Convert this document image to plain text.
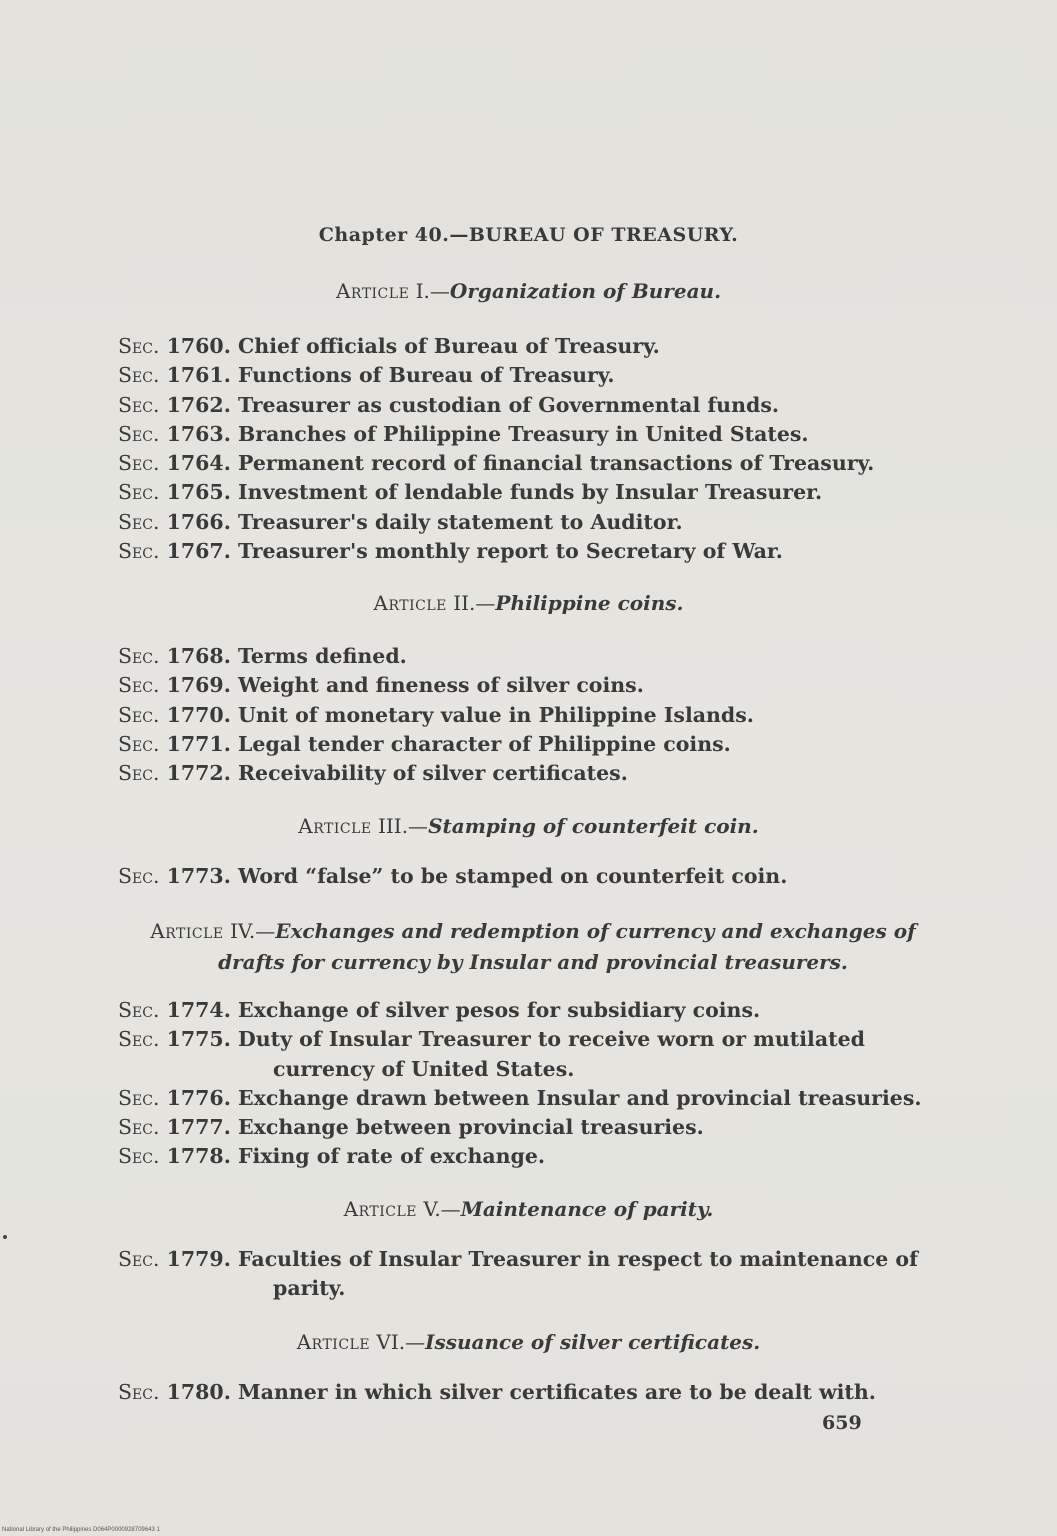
Chapter 40.—BUREAU OF TREASURY.
Article I.—Organization of Bureau.
Sec. 1760. Chief officials of Bureau of Treasury.
Sec. 1761. Functions of Bureau of Treasury.
Sec. 1762. Treasurer as custodian of Governmental funds.
Sec. 1763. Branches of Philippine Treasury in United States.
Sec. 1764. Permanent record of financial transactions of Treasury.
Sec. 1765. Investment of lendable funds by Insular Treasurer.
Sec. 1766. Treasurer's daily statement to Auditor.
Sec. 1767. Treasurer's monthly report to Secretary of War.
Article II.—Philippine coins.
Sec. 1768. Terms defined.
Sec. 1769. Weight and fineness of silver coins.
Sec. 1770. Unit of monetary value in Philippine Islands.
Sec. 1771. Legal tender character of Philippine coins.
Sec. 1772. Receivability of silver certificates.
Article III.—Stamping of counterfeit coin.
Sec. 1773. Word “false” to be stamped on counterfeit coin.
Article IV.—Exchanges and redemption of currency and exchanges of drafts for currency by Insular and provincial treasurers.
Sec. 1774. Exchange of silver pesos for subsidiary coins.
Sec. 1775. Duty of Insular Treasurer to receive worn or mutilated currency of United States.
Sec. 1776. Exchange drawn between Insular and provincial treasuries.
Sec. 1777. Exchange between provincial treasuries.
Sec. 1778. Fixing of rate of exchange.
Article V.—Maintenance of parity.
Sec. 1779. Faculties of Insular Treasurer in respect to maintenance of parity.
Article VI.—Issuance of silver certificates.
Sec. 1780. Manner in which silver certificates are to be dealt with.
659
National Library of the Philippines D064P0000928709643 1
